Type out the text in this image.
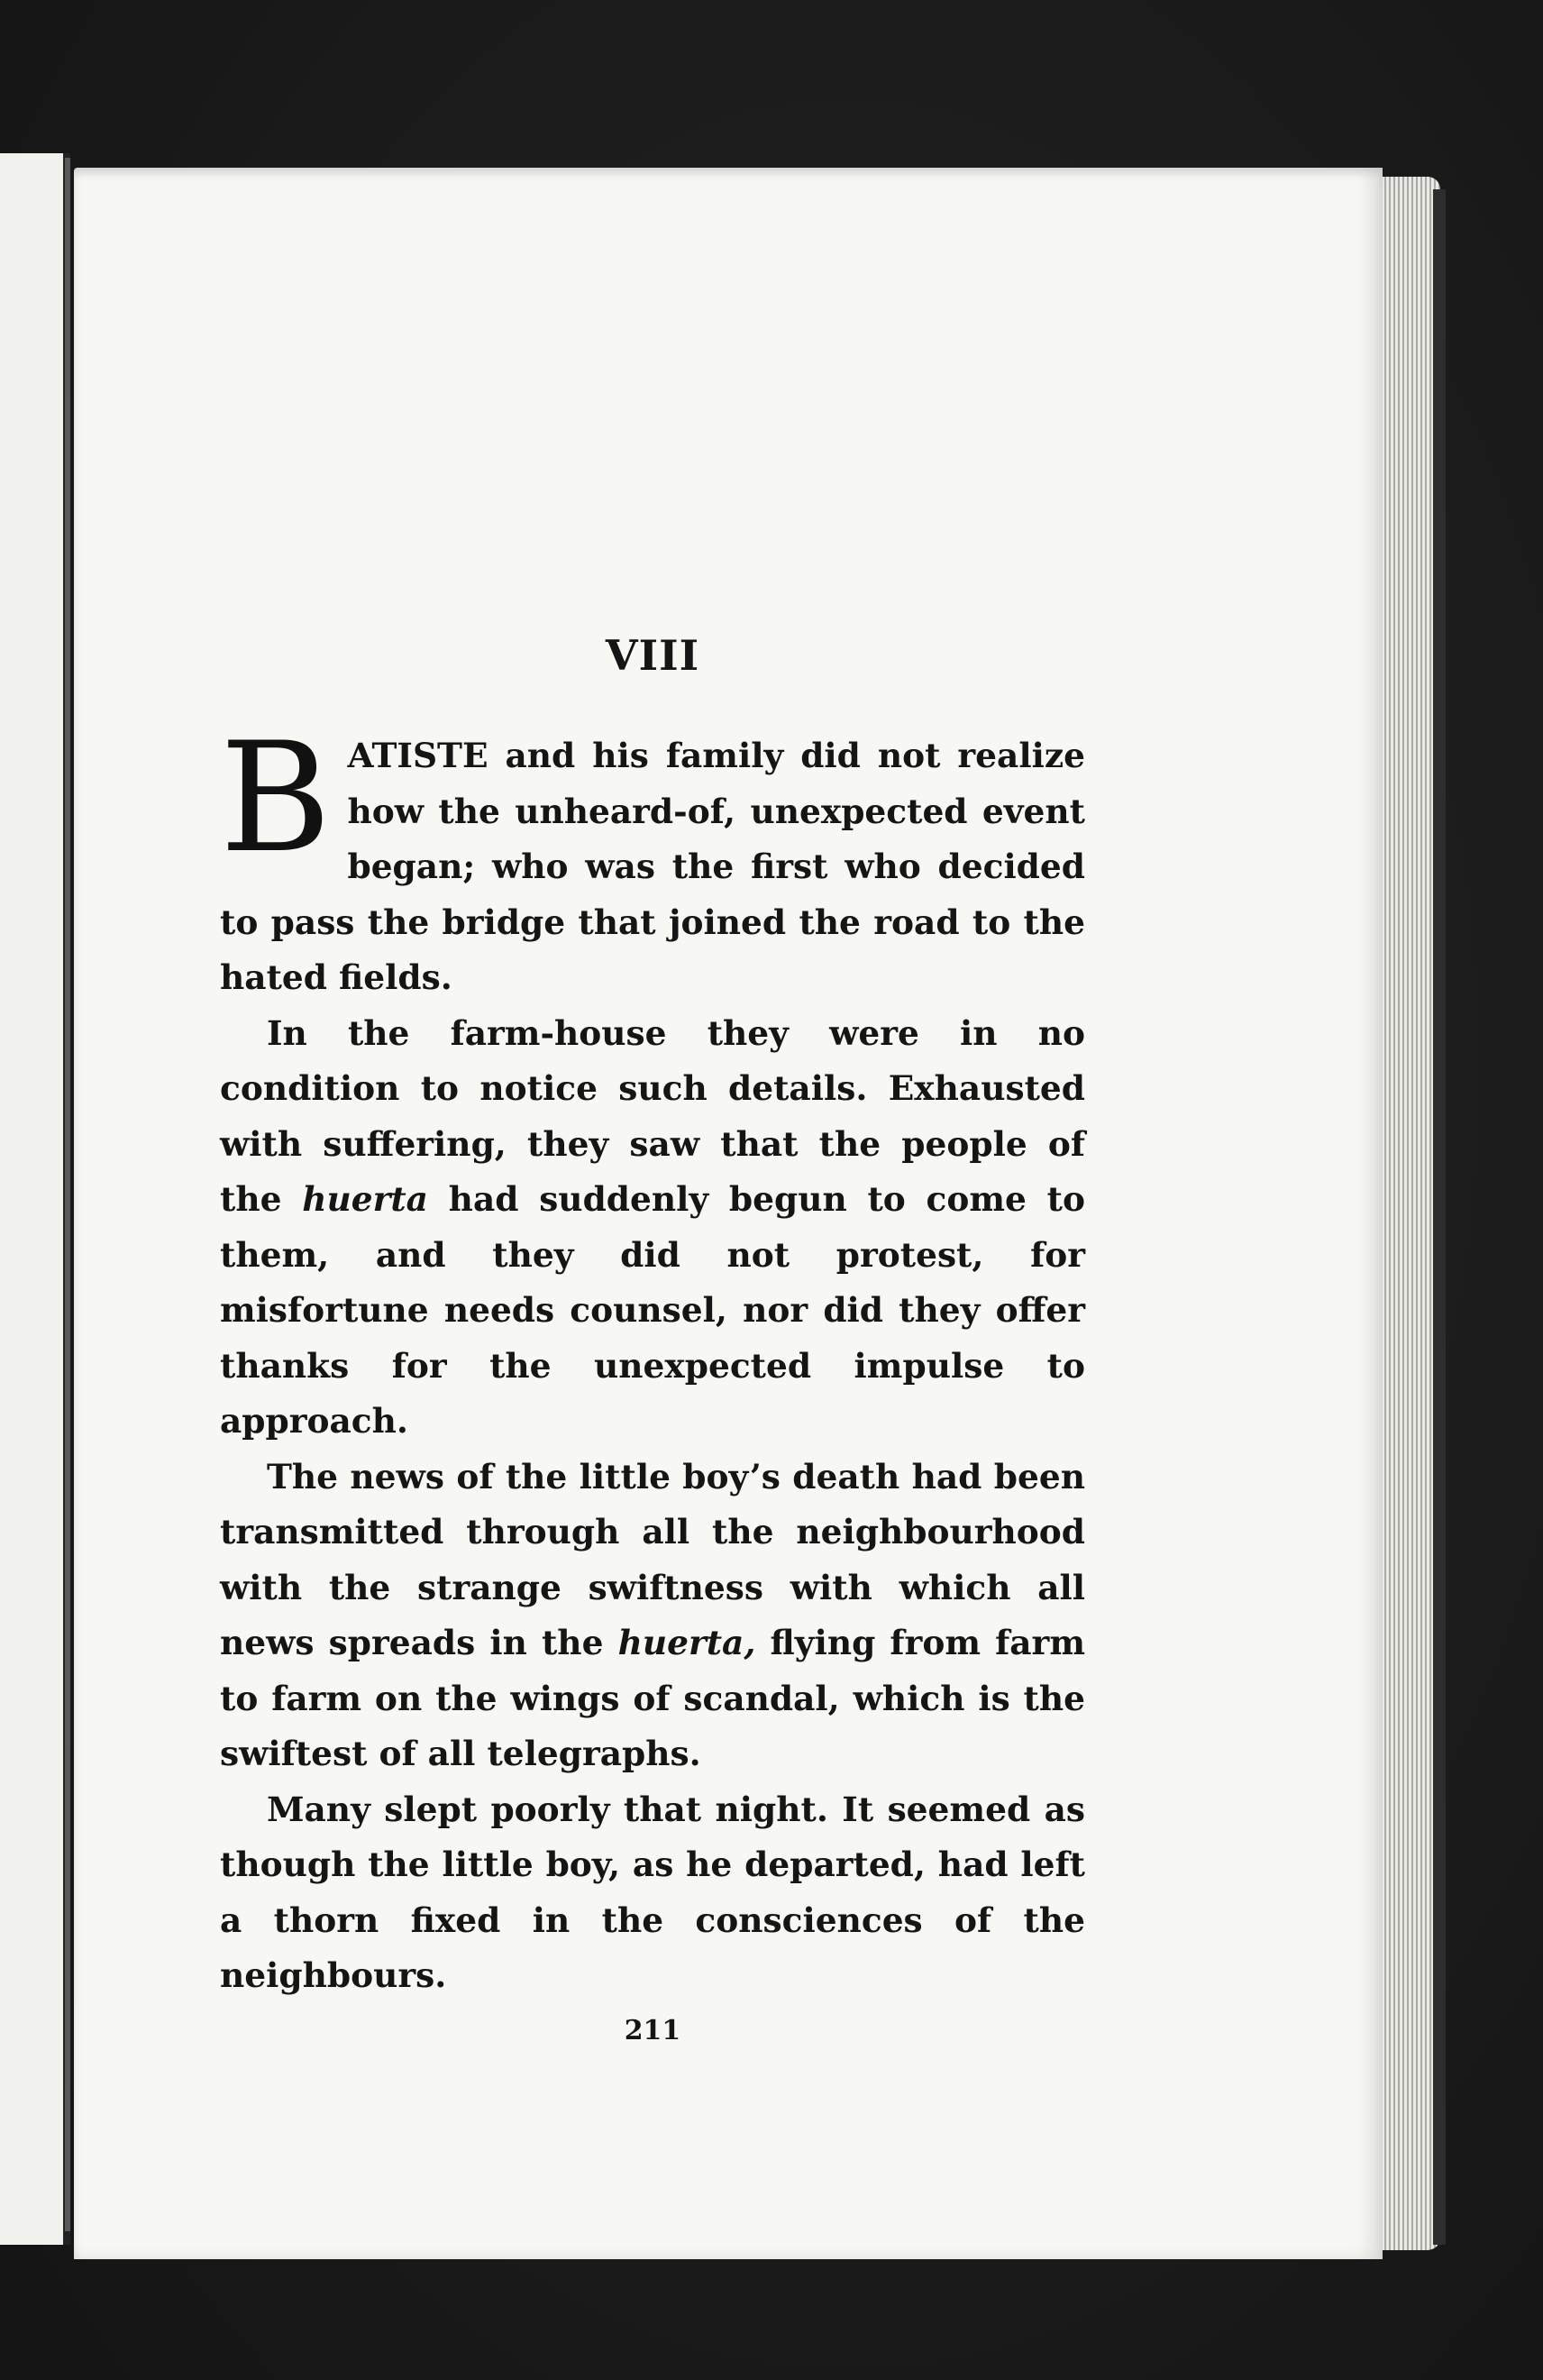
VIII

BATISTE and his family did not realize how the unheard-of, unexpected event began; who was the first who decided to pass the bridge that joined the road to the hated fields.

In the farm-house they were in no condition to notice such details. Exhausted with suffering, they saw that the people of the huerta had suddenly begun to come to them, and they did not protest, for misfortune needs counsel, nor did they offer thanks for the unexpected impulse to approach.

The news of the little boy’s death had been transmitted through all the neighbourhood with the strange swiftness with which all news spreads in the huerta, flying from farm to farm on the wings of scandal, which is the swiftest of all telegraphs.

Many slept poorly that night. It seemed as though the little boy, as he departed, had left a thorn fixed in the consciences of the neighbours.

211
